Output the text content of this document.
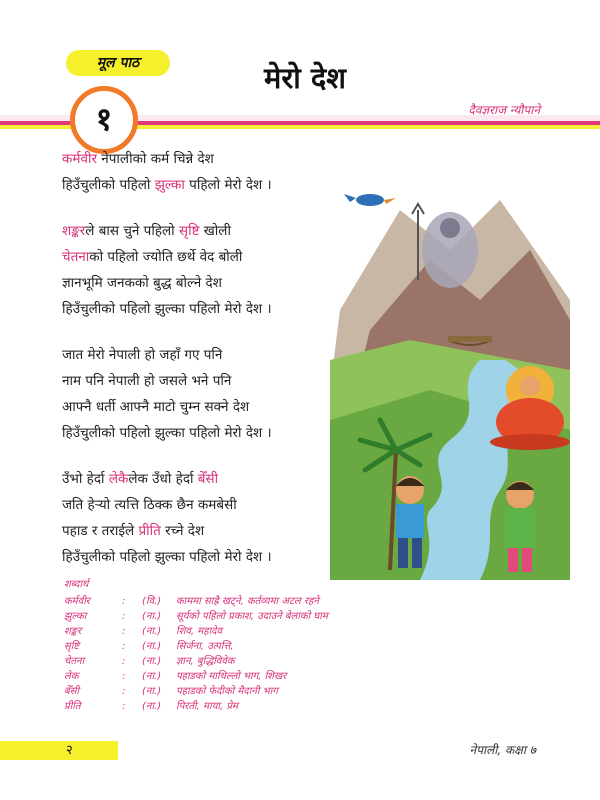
मूल पाठ	मेरो देश
१	दैवज्ञराज न्यौपाने
कर्मवीर नेपालीको कर्म चिन्ने देश
हिउँचुलीको पहिलो झुल्का पहिलो मेरो देश ।
शङ्करले बास चुने पहिलो सृष्टि खोली
चेतनाको पहिलो ज्योति छर्थे वेद बोली
ज्ञानभूमि जनकको बुद्ध बोल्ने देश
हिउँचुलीको पहिलो झुल्का पहिलो मेरो देश ।
जात मेरो नेपाली हो जहाँ गए पनि
नाम पनि नेपाली हो जसले भने पनि
आफ्नै धर्ती आफ्नै माटो चुम्न सक्ने देश
हिउँचुलीको पहिलो झुल्का पहिलो मेरो देश ।
उँभो हेर्दा लेकैलेक उँधो हेर्दा बेँसी
जति हेऱ्यो त्यत्ति ठिक्क छैन कमबेसी
पहाड र तराईले प्रीति रच्ने देश
हिउँचुलीको पहिलो झुल्का पहिलो मेरो देश ।
शब्दार्थ
कर्मवीर	: (वि.) काममा साह्रै खट्ने, कर्तव्यमा अटल रहने
झुल्का	: (ना.) सूर्यको पहिलो प्रकाश, उदाउने बेलाको घाम
शङ्कर	: (ना.) शिव, महादेव
सृष्टि	: (ना.) सिर्जना, उत्पत्ति,
चेतना	: (ना.) ज्ञान, बुद्धिविवेक
लेक	: (ना.) पहाडको माथिल्लो भाग, शिखर
बेँसी	: (ना.) पहाडको फेदीको मैदानी भाग
प्रीति	: (ना.) पिरती, माया, प्रेम
२	नेपाली, कक्षा ७
